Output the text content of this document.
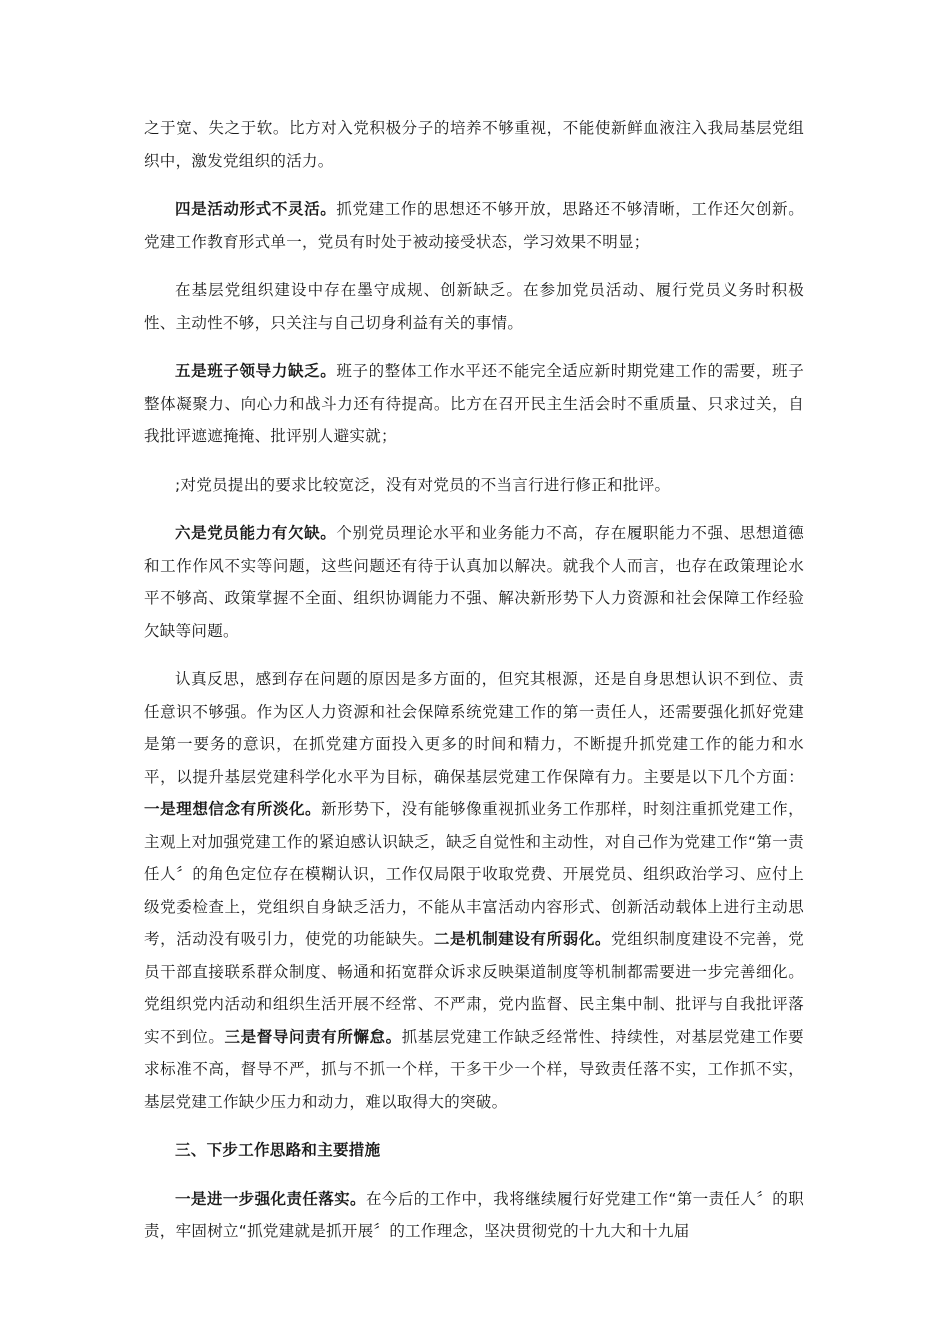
之于宽、失之于软。比方对入党积极分子的培养不够重视，不能使新鲜血液注入我局基层党组织中，激发党组织的活力。

四是活动形式不灵活。抓党建工作的思想还不够开放，思路还不够清晰，工作还欠创新。党建工作教育形式单一，党员有时处于被动接受状态，学习效果不明显；

在基层党组织建设中存在墨守成规、创新缺乏。在参加党员活动、履行党员义务时积极性、主动性不够，只关注与自己切身利益有关的事情。

五是班子领导力缺乏。班子的整体工作水平还不能完全适应新时期党建工作的需要，班子整体凝聚力、向心力和战斗力还有待提高。比方在召开民主生活会时不重质量、只求过关，自我批评遮遮掩掩、批评别人避实就；

;对党员提出的要求比较宽泛，没有对党员的不当言行进行修正和批评。

六是党员能力有欠缺。个别党员理论水平和业务能力不高，存在履职能力不强、思想道德和工作作风不实等问题，这些问题还有待于认真加以解决。就我个人而言，也存在政策理论水平不够高、政策掌握不全面、组织协调能力不强、解决新形势下人力资源和社会保障工作经验欠缺等问题。

认真反思，感到存在问题的原因是多方面的，但究其根源，还是自身思想认识不到位、责任意识不够强。作为区人力资源和社会保障系统党建工作的第一责任人，还需要强化抓好党建是第一要务的意识，在抓党建方面投入更多的时间和精力，不断提升抓党建工作的能力和水平，以提升基层党建科学化水平为目标，确保基层党建工作保障有力。主要是以下几个方面：一是理想信念有所淡化。新形势下，没有能够像重视抓业务工作那样，时刻注重抓党建工作，主观上对加强党建工作的紧迫感认识缺乏，缺乏自觉性和主动性，对自己作为党建工作“第一责任人〞的角色定位存在模糊认识，工作仅局限于收取党费、开展党员、组织政治学习、应付上级党委检查上，党组织自身缺乏活力，不能从丰富活动内容形式、创新活动载体上进行主动思考，活动没有吸引力，使党的功能缺失。二是机制建设有所弱化。党组织制度建设不完善，党员干部直接联系群众制度、畅通和拓宽群众诉求反映渠道制度等机制都需要进一步完善细化。党组织党内活动和组织生活开展不经常、不严肃，党内监督、民主集中制、批评与自我批评落实不到位。三是督导问责有所懈怠。抓基层党建工作缺乏经常性、持续性，对基层党建工作要求标准不高，督导不严，抓与不抓一个样，干多干少一个样，导致责任落不实，工作抓不实，基层党建工作缺少压力和动力，难以取得大的突破。

三、下步工作思路和主要措施

一是进一步强化责任落实。在今后的工作中，我将继续履行好党建工作“第一责任人〞的职责，牢固树立“抓党建就是抓开展〞的工作理念，坚决贯彻党的十九大和十九届
